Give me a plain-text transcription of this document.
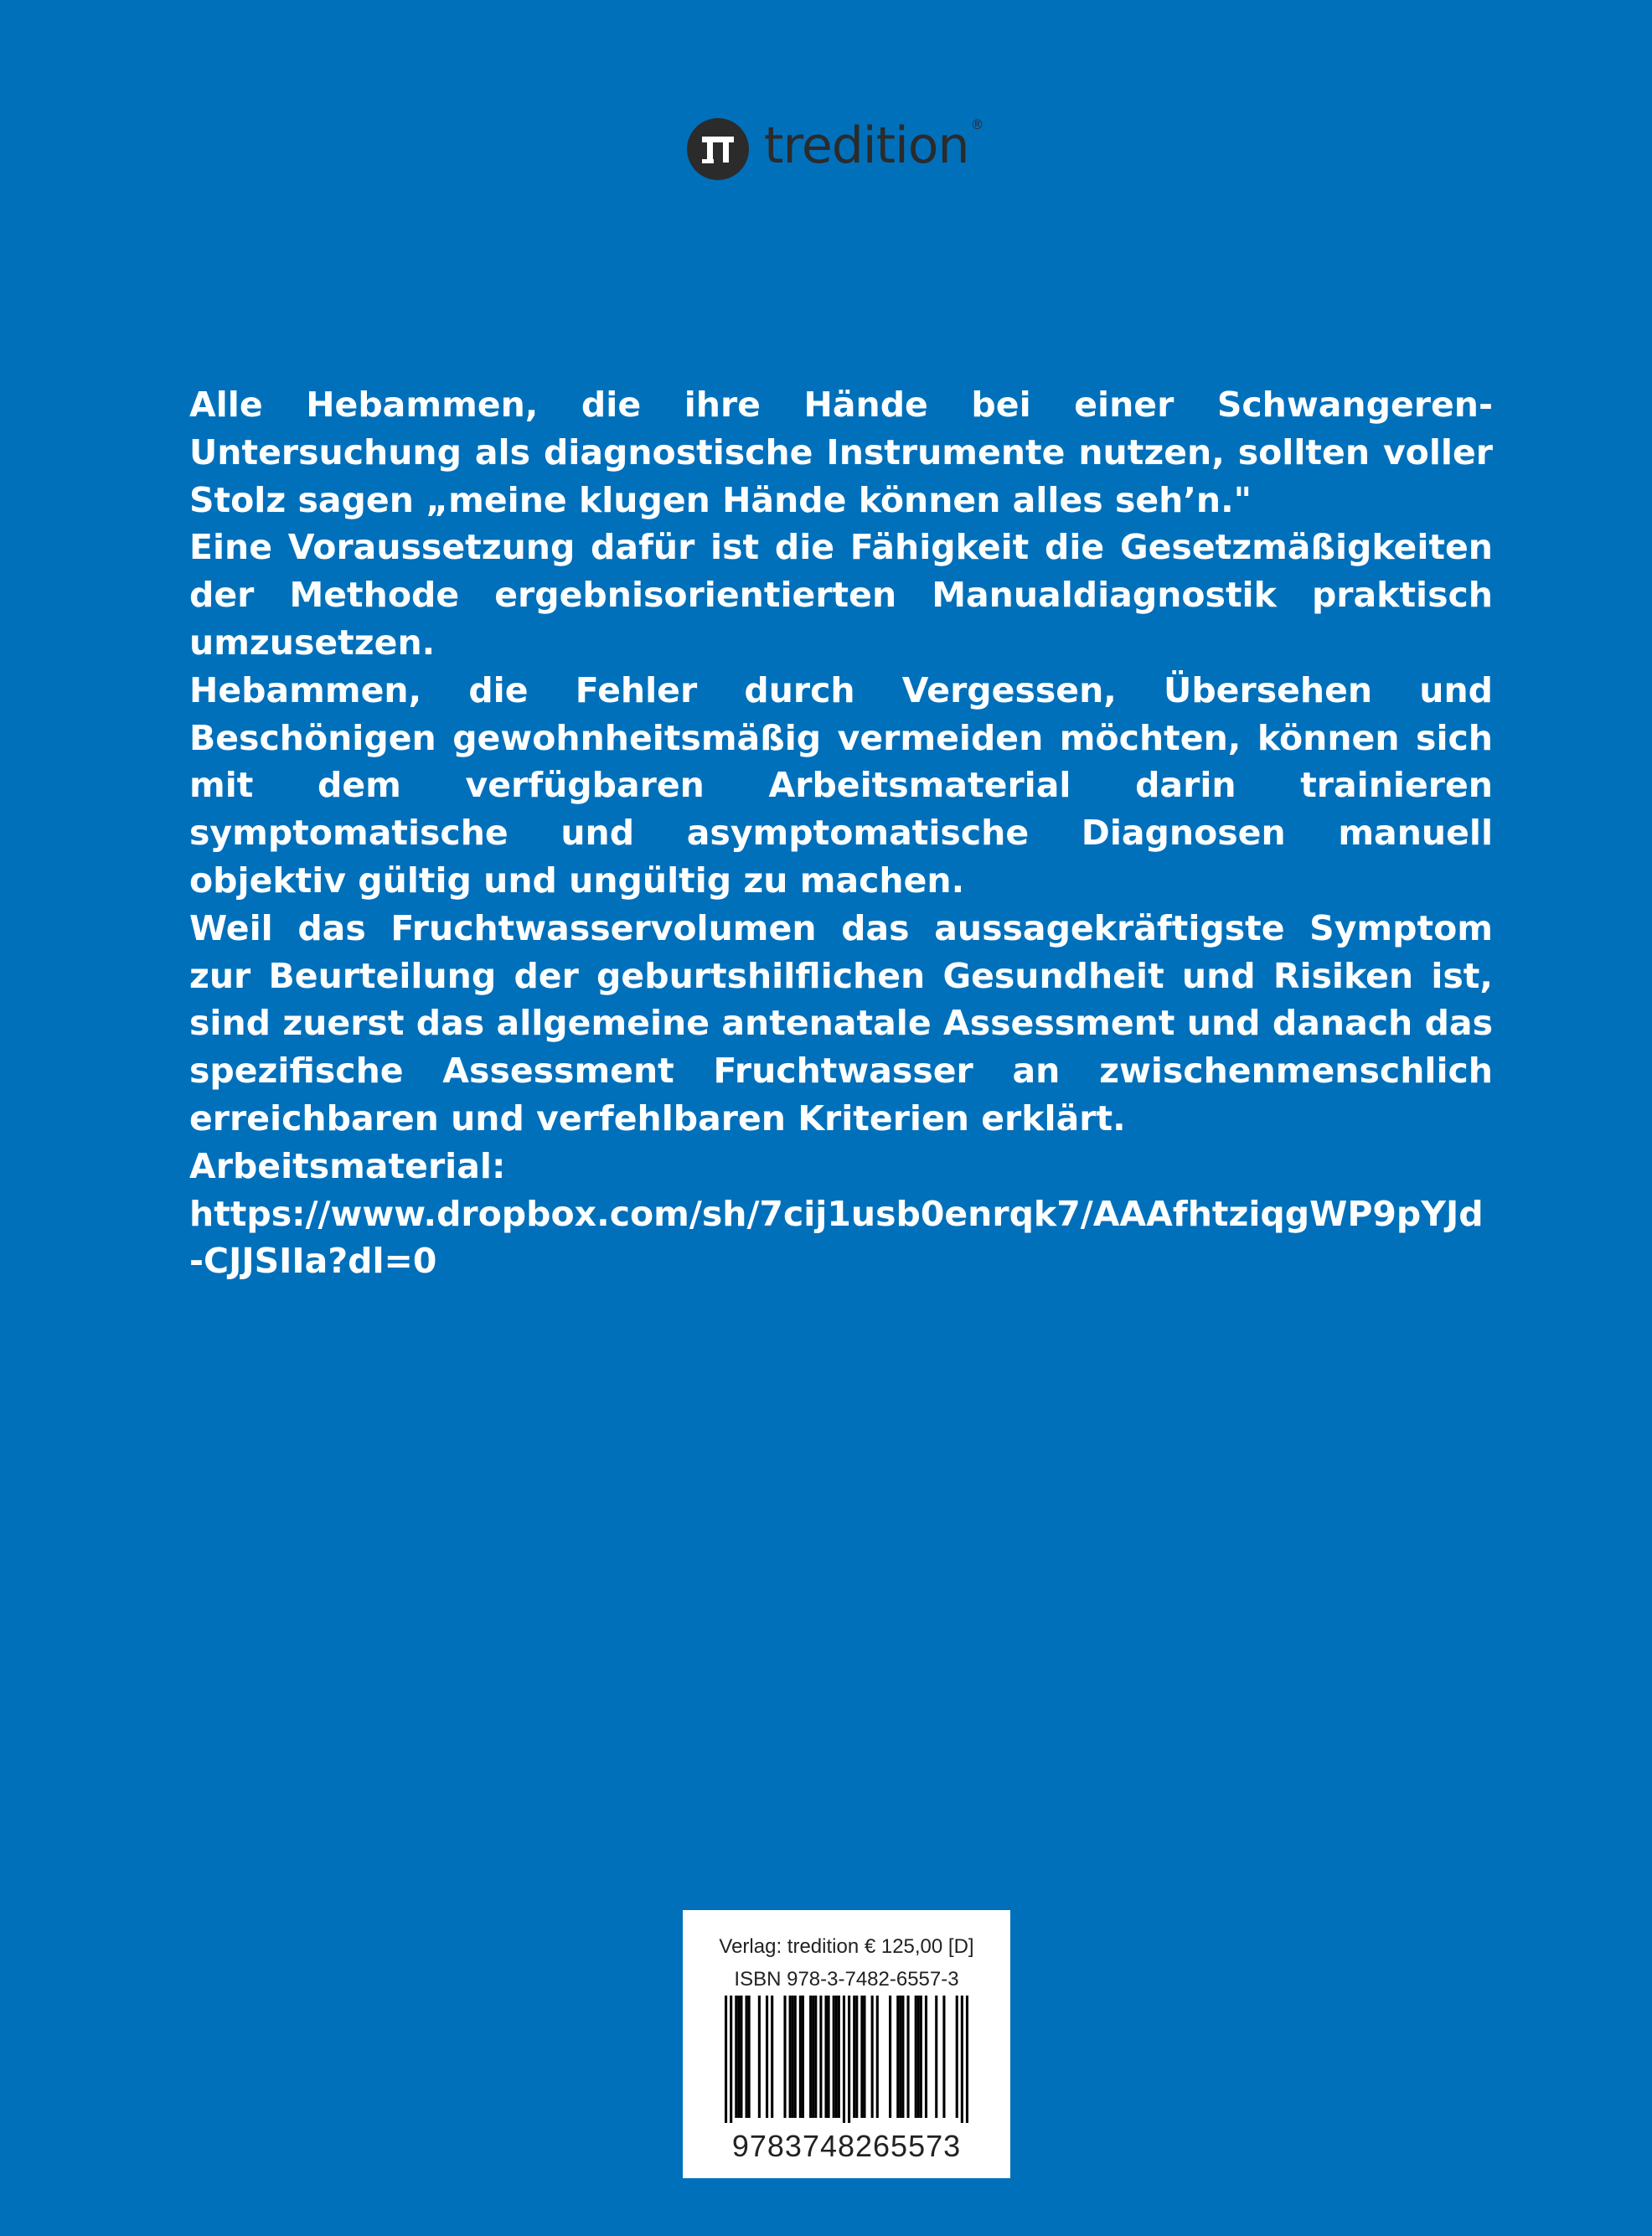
tredition ®

Alle Hebammen, die ihre Hände bei einer Schwangeren-Untersuchung als diagnostische Instrumente nutzen, sollten voller Stolz sagen „meine klugen Hände können alles seh’n."

Eine Voraussetzung dafür ist die Fähigkeit die Gesetzmäßigkeiten der Methode ergebnisorientierten Manualdiagnostik praktisch umzusetzen.

Hebammen, die Fehler durch Vergessen, Übersehen und Beschönigen gewohnheitsmäßig vermeiden möchten, können sich mit dem verfügbaren Arbeitsmaterial darin trainieren symptomatische und asymptomatische Diagnosen manuell objektiv gültig und ungültig zu machen.

Weil das Fruchtwasservolumen das aussagekräftigste Symptom zur Beurteilung der geburtshilflichen Gesundheit und Risiken ist, sind zuerst das allgemeine antenatale Assessment und danach das spezifische Assessment Fruchtwasser an zwischenmenschlich erreichbaren und verfehlbaren Kriterien erklärt.

Arbeitsmaterial:

https://www.dropbox.com/sh/7cij1usb0enrqk7/AAAfhtziqgWP9pYJd-CJJSIIa?dl=0

Verlag: tredition € 125,00 [D]
ISBN 978-3-7482-6557-3
9783748265573
